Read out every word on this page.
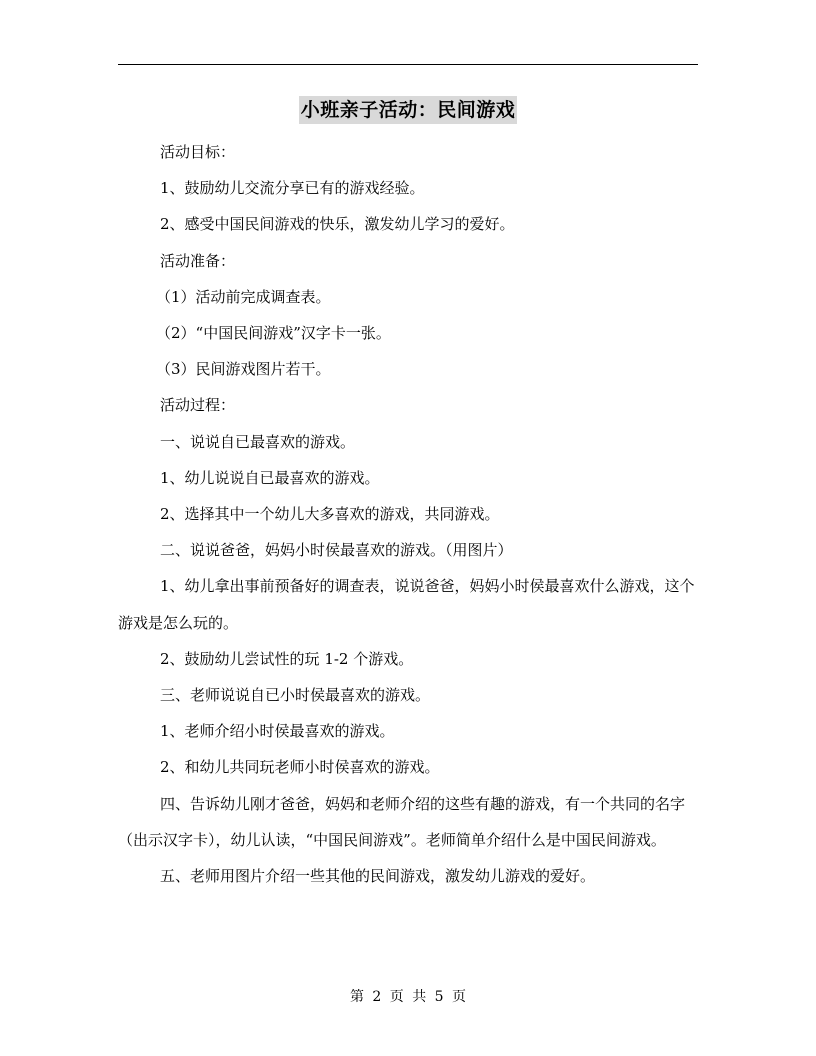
小班亲子活动：民间游戏

活动目标：

1、鼓励幼儿交流分享已有的游戏经验。

2、感受中国民间游戏的快乐，激发幼儿学习的爱好。

活动准备：

（1）活动前完成调查表。

（2）“中国民间游戏”汉字卡一张。

（3）民间游戏图片若干。

活动过程：

一、说说自已最喜欢的游戏。

1、幼儿说说自已最喜欢的游戏。

2、选择其中一个幼儿大多喜欢的游戏，共同游戏。

二、说说爸爸，妈妈小时侯最喜欢的游戏。（用图片）

1、幼儿拿出事前预备好的调查表，说说爸爸，妈妈小时侯最喜欢什么游戏，这个游戏是怎么玩的。

2、鼓励幼儿尝试性的玩 1-2 个游戏。

三、老师说说自已小时侯最喜欢的游戏。

1、老师介绍小时侯最喜欢的游戏。

2、和幼儿共同玩老师小时侯喜欢的游戏。

四、告诉幼儿刚才爸爸，妈妈和老师介绍的这些有趣的游戏，有一个共同的名字（出示汉字卡），幼儿认读，“中国民间游戏”。老师简单介绍什么是中国民间游戏。

五、老师用图片介绍一些其他的民间游戏，激发幼儿游戏的爱好。

第 2 页 共 5 页
